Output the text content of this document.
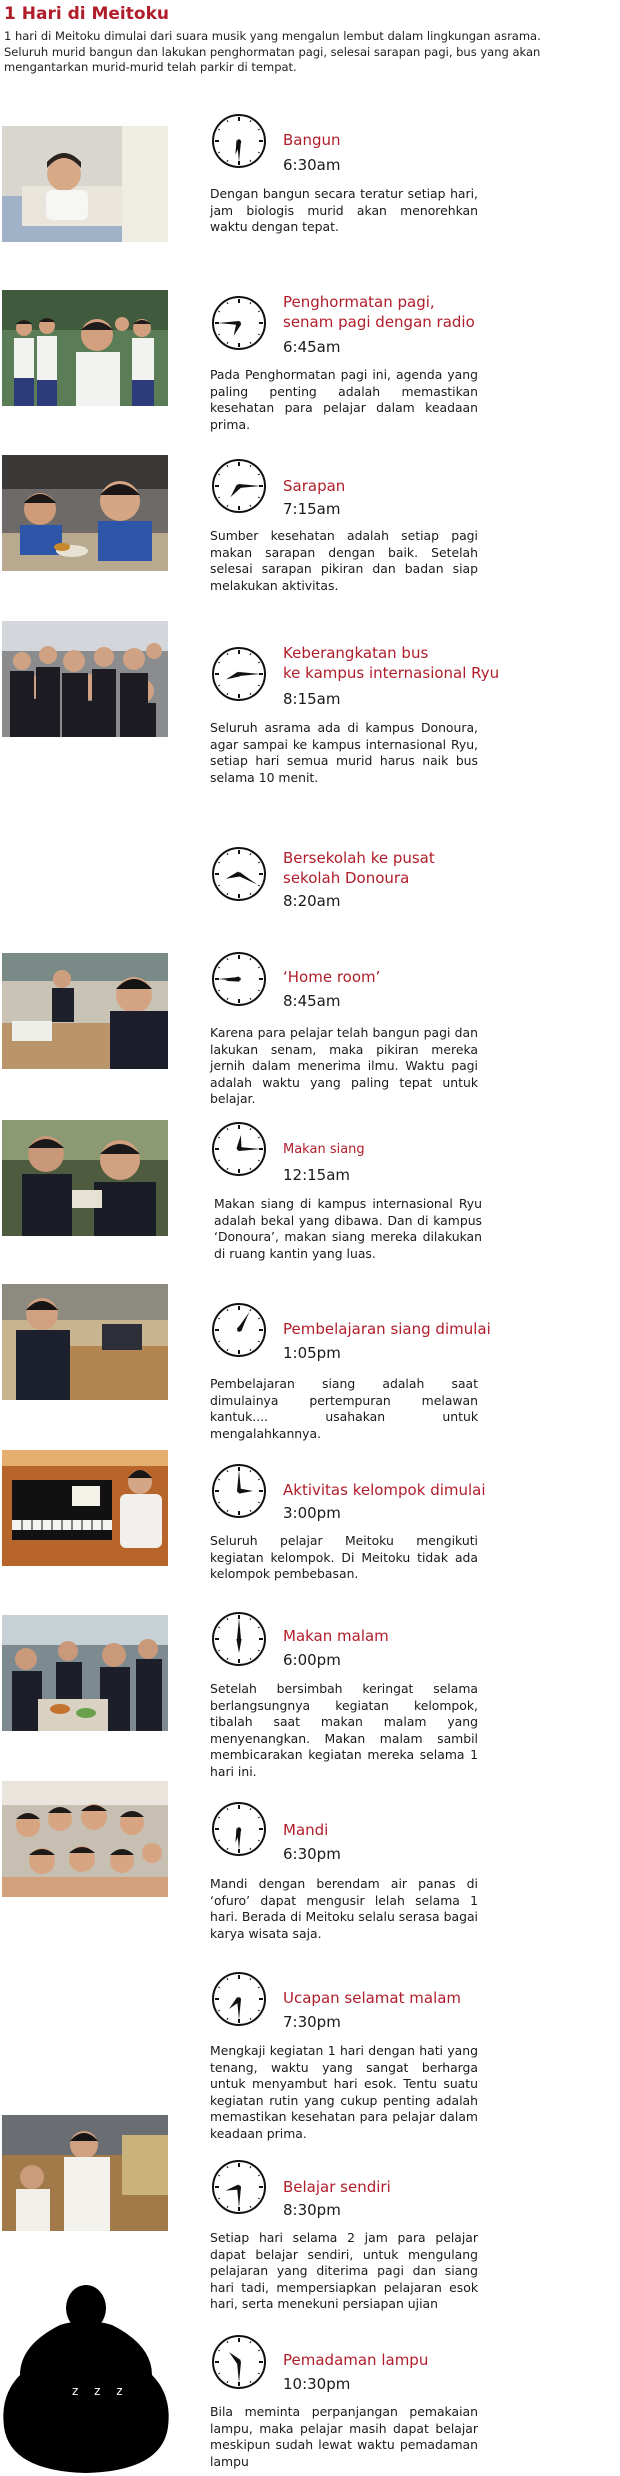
1 Hari di Meitoku

1 hari di Meitoku dimulai dari suara musik yang mengalun lembut dalam lingkungan asrama. Seluruh murid bangun dan lakukan penghormatan pagi, selesai sarapan pagi, bus yang akan mengantarkan murid-murid telah parkir di tempat.

z z z

Bangun

Penghormatan pagi,
senam pagi dengan radio

Sarapan

Keberangkatan bus
ke kampus internasional Ryu

Bersekolah ke pusat
sekolah Donoura

‘Home room’

Makan siang

Pembelajaran siang dimulai

Aktivitas kelompok dimulai

Makan malam

Mandi

Ucapan selamat malam

Belajar sendiri

Pemadaman lampu

6:30am

6:45am

7:15am

8:15am

8:20am

8:45am

12:15am

1:05pm

3:00pm

6:00pm

6:30pm

7:30pm

8:30pm

10:30pm

Dengan bangun secara teratur setiap hari, jam biologis murid akan menorehkan waktu dengan tepat.

Pada Penghormatan pagi ini, agenda yang paling penting adalah memastikan kesehatan para pelajar dalam keadaan prima.

Sumber kesehatan adalah setiap pagi makan sarapan dengan baik. Setelah selesai sarapan pikiran dan badan siap melakukan aktivitas.

Seluruh asrama ada di kampus Donoura, agar sampai ke kampus internasional Ryu, setiap hari semua murid harus naik bus selama 10 menit.

Karena para pelajar telah bangun pagi dan lakukan senam, maka pikiran mereka jernih dalam menerima ilmu. Waktu pagi adalah waktu yang paling tepat untuk belajar.

Makan siang di kampus internasional Ryu adalah bekal yang dibawa. Dan di kampus ‘Donoura’, makan siang mereka dilakukan di ruang kantin yang luas.

Pembelajaran siang adalah saat dimulainya pertempuran melawan kantuk.... usahakan untuk mengalahkannya.

Seluruh pelajar Meitoku mengikuti kegiatan kelompok. Di Meitoku tidak ada kelompok pembebasan.

Setelah bersimbah keringat selama berlangsungnya kegiatan kelompok, tibalah saat makan malam yang menyenangkan. Makan malam sambil membicarakan kegiatan mereka selama 1 hari ini.

Mandi dengan berendam air panas di ‘ofuro’ dapat mengusir lelah selama 1 hari. Berada di Meitoku selalu serasa bagai karya wisata saja.

Mengkaji kegiatan 1 hari dengan hati yang tenang, waktu yang sangat berharga untuk menyambut hari esok. Tentu suatu kegiatan rutin yang cukup penting adalah memastikan kesehatan para pelajar dalam keadaan prima.

Setiap hari selama 2 jam para pelajar dapat belajar sendiri, untuk mengulang pelajaran yang diterima pagi dan siang hari tadi, mempersiapkan pelajaran esok hari, serta menekuni persiapan ujian

Bila meminta perpanjangan pemakaian lampu, maka pelajar masih dapat belajar meskipun sudah lewat waktu pemadaman lampu
